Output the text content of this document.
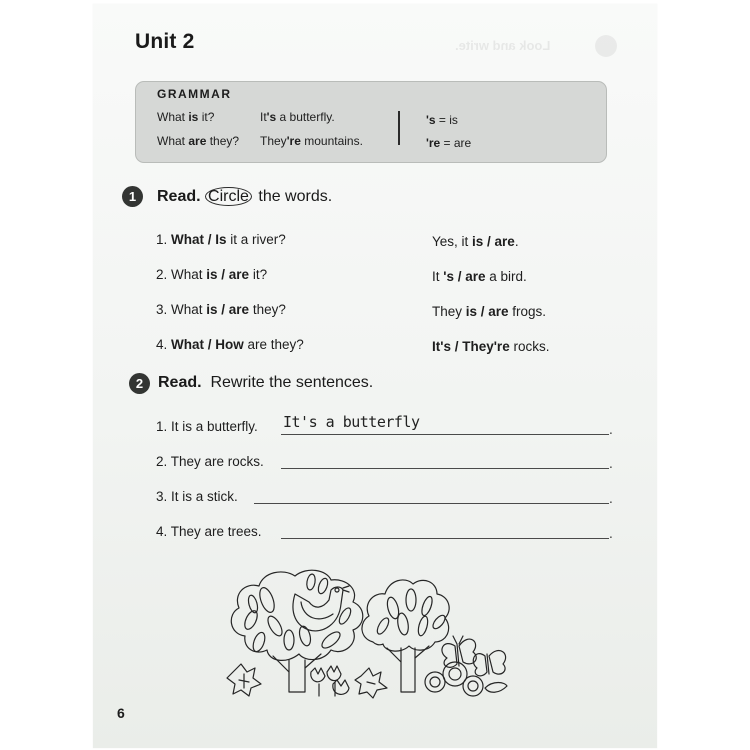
Look and write.
Unit 2
GRAMMAR
What is it?	It's a butterfly.
What are they? They're mountains.
's = is
're = are
1	Read. Circle the words.
1. What / Is it a river?	Yes, it is / are.
2. What is / are it?	It 's / are a bird.
3. What is / are they?	They is / are frogs.
4. What / How are they?	It's / They're rocks.
2 Read.  Rewrite the sentences.
1. It is a butterfly. It's a butterfly	.
2. They are rocks.	.
3. It is a stick.	.
4. They are trees.	.
6
